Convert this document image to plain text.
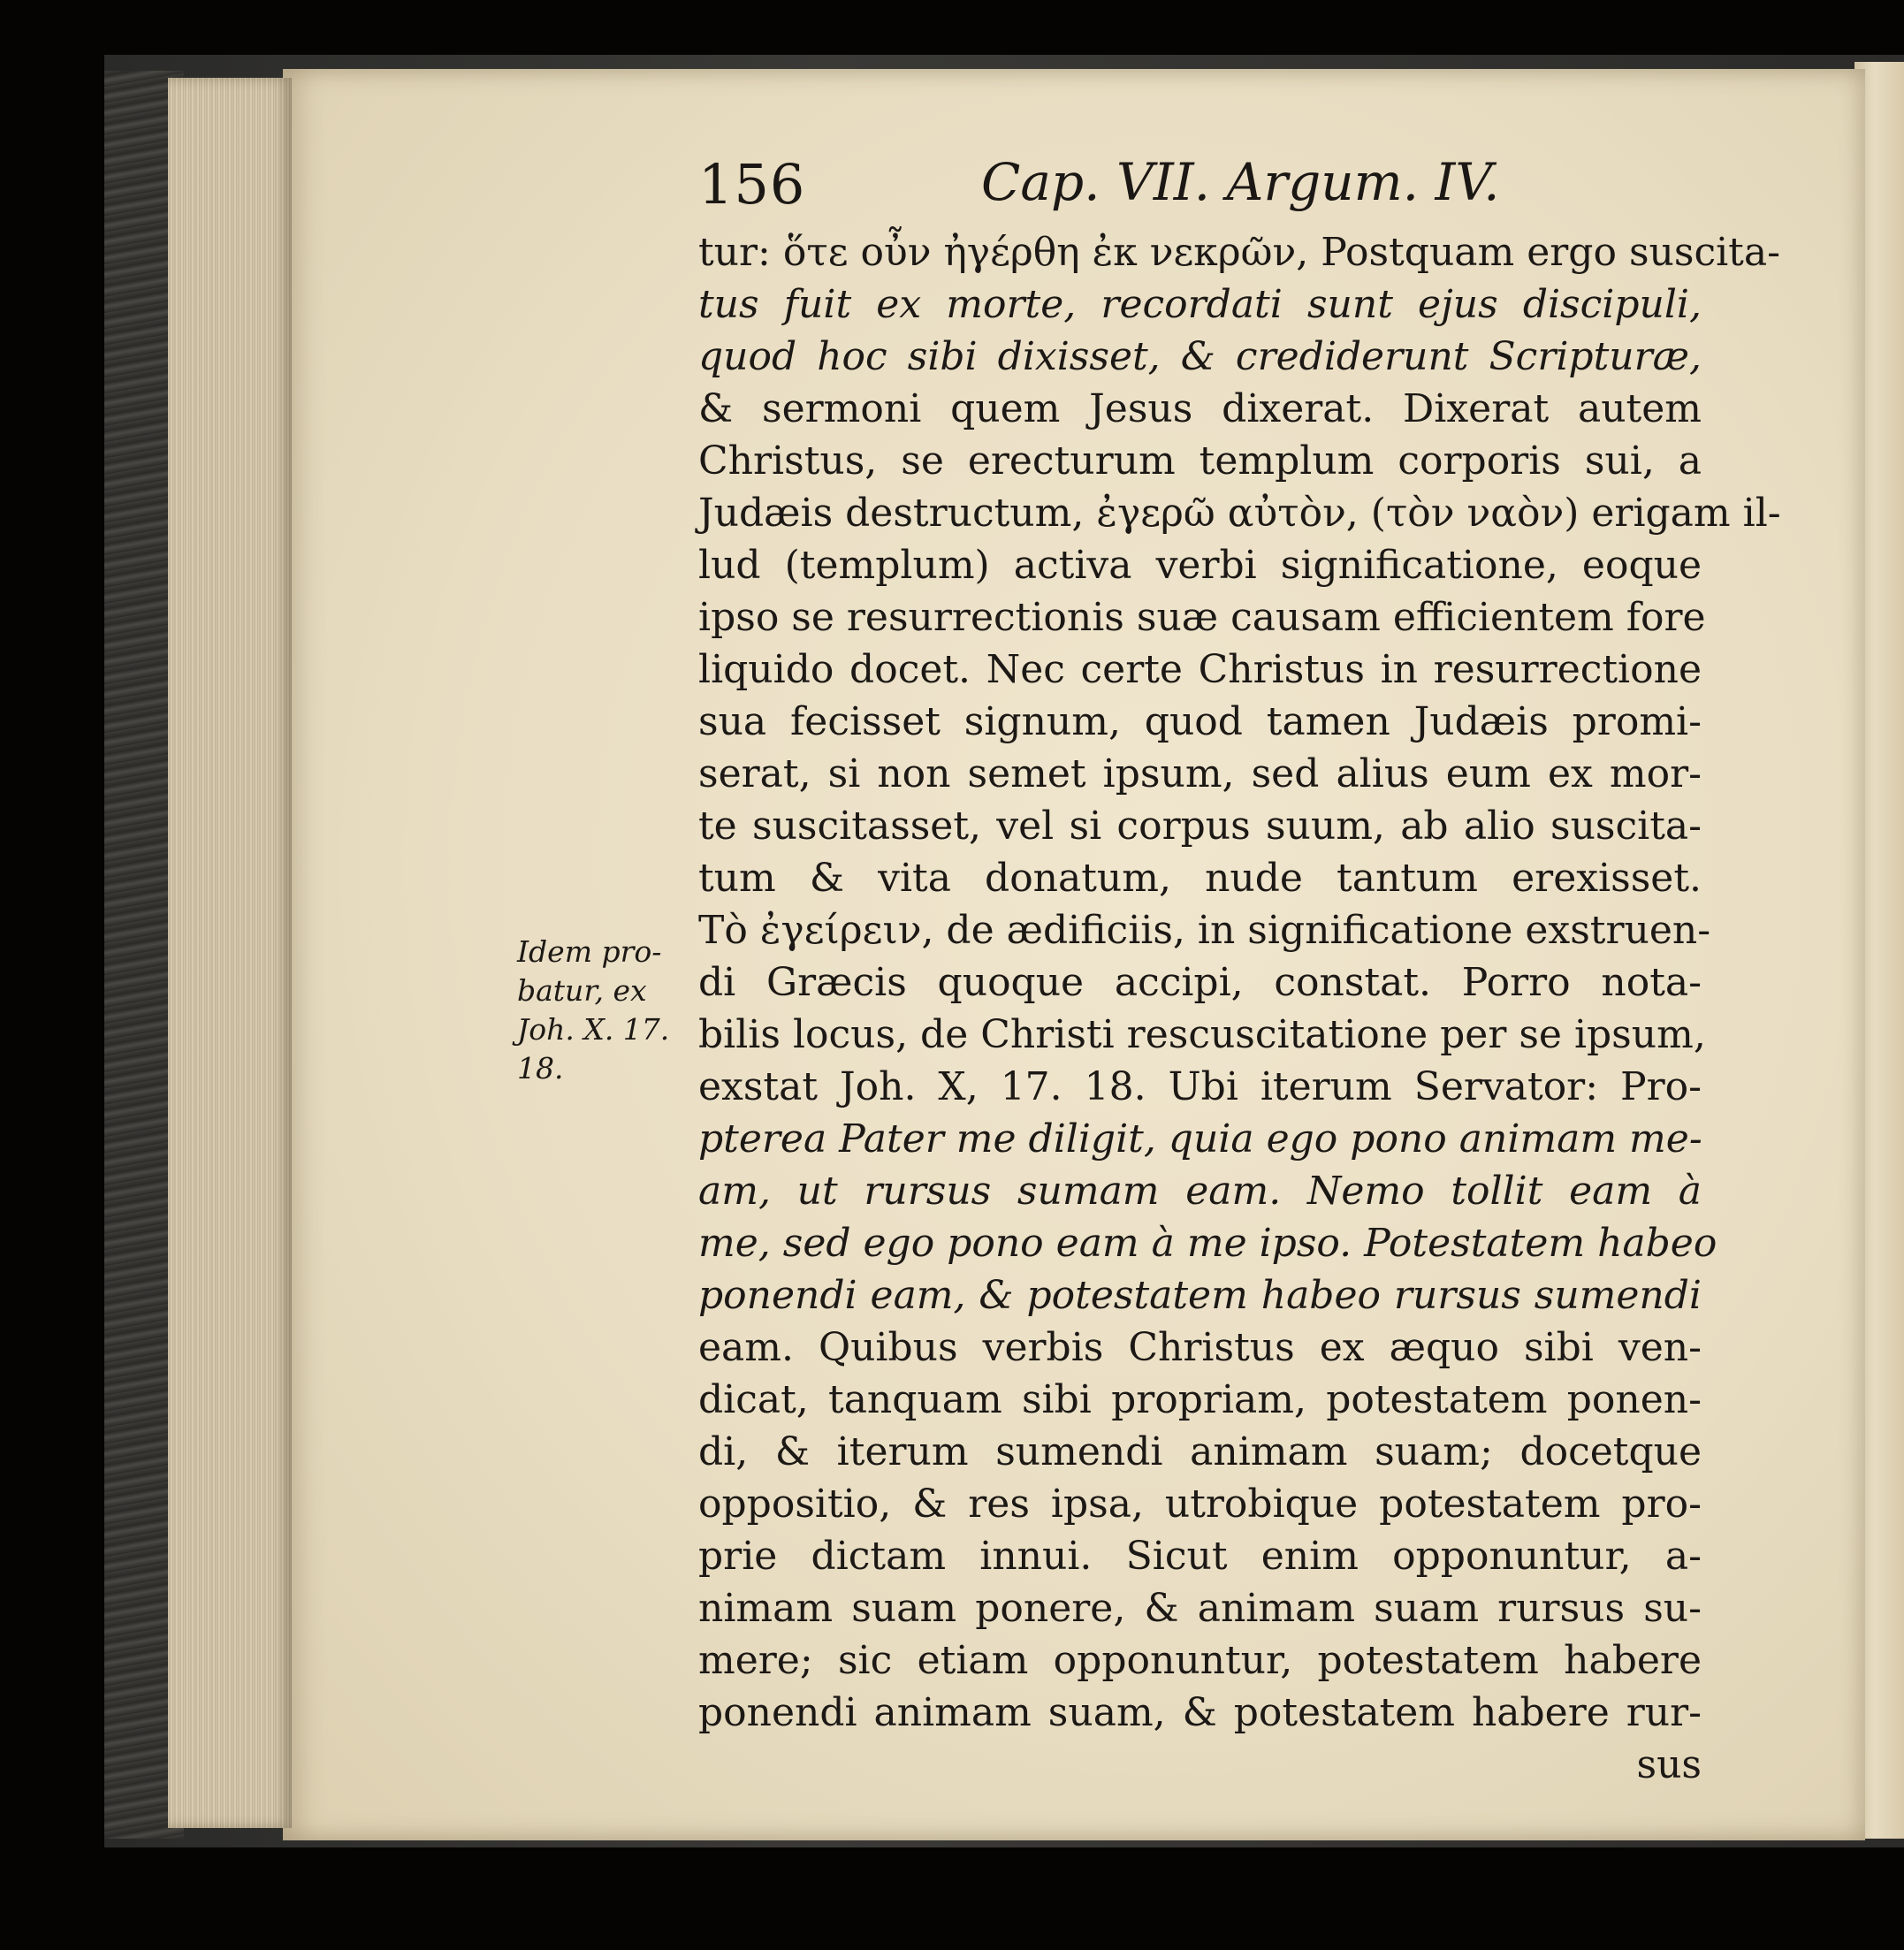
156	Cap. VII. Argum. IV.
tur: ὅτε οὖν ἠγέρθη ἐκ νεκρῶν, Postquam ergo suscita-
tus fuit ex morte, recordati sunt ejus discipuli,
quod hoc sibi dixisset, & crediderunt Scripturæ,
& sermoni quem Jesus dixerat. Dixerat autem
Christus, se erecturum templum corporis sui, a
Judæis destructum, ἐγερῶ αὐτὸν, (τὸν ναὸν) erigam il-
lud (templum) activa verbi significatione, eoque
ipso se resurrectionis suæ causam efficientem fore
liquido docet. Nec certe Christus in resurrectione
sua fecisset signum, quod tamen Judæis promi-
serat, si non semet ipsum, sed alius eum ex mor-
te suscitasset, vel si corpus suum, ab alio suscita-
tum & vita donatum, nude tantum erexisset.
Τὸ ἐγείρειν, de ædificiis, in significatione exstruen-
di Græcis quoque accipi, constat. Porro nota-
bilis locus, de Christi rescuscitatione per se ipsum,
exstat Joh. X, 17. 18. Ubi iterum Servator: Pro-
pterea Pater me diligit, quia ego pono animam me-
am, ut rursus sumam eam. Nemo tollit eam à
me, sed ego pono eam à me ipso. Potestatem habeo
ponendi eam, & potestatem habeo rursus sumendi
eam. Quibus verbis Christus ex æquo sibi ven-
dicat, tanquam sibi propriam, potestatem ponen-
di, & iterum sumendi animam suam; docetque
oppositio, & res ipsa, utrobique potestatem pro-
prie dictam innui. Sicut enim opponuntur, a-
nimam suam ponere, & animam suam rursus su-
mere; sic etiam opponuntur, potestatem habere
ponendi animam suam, & potestatem habere rur-
sus
Idem pro-
batur, ex
Joh. X. 17.
18.
